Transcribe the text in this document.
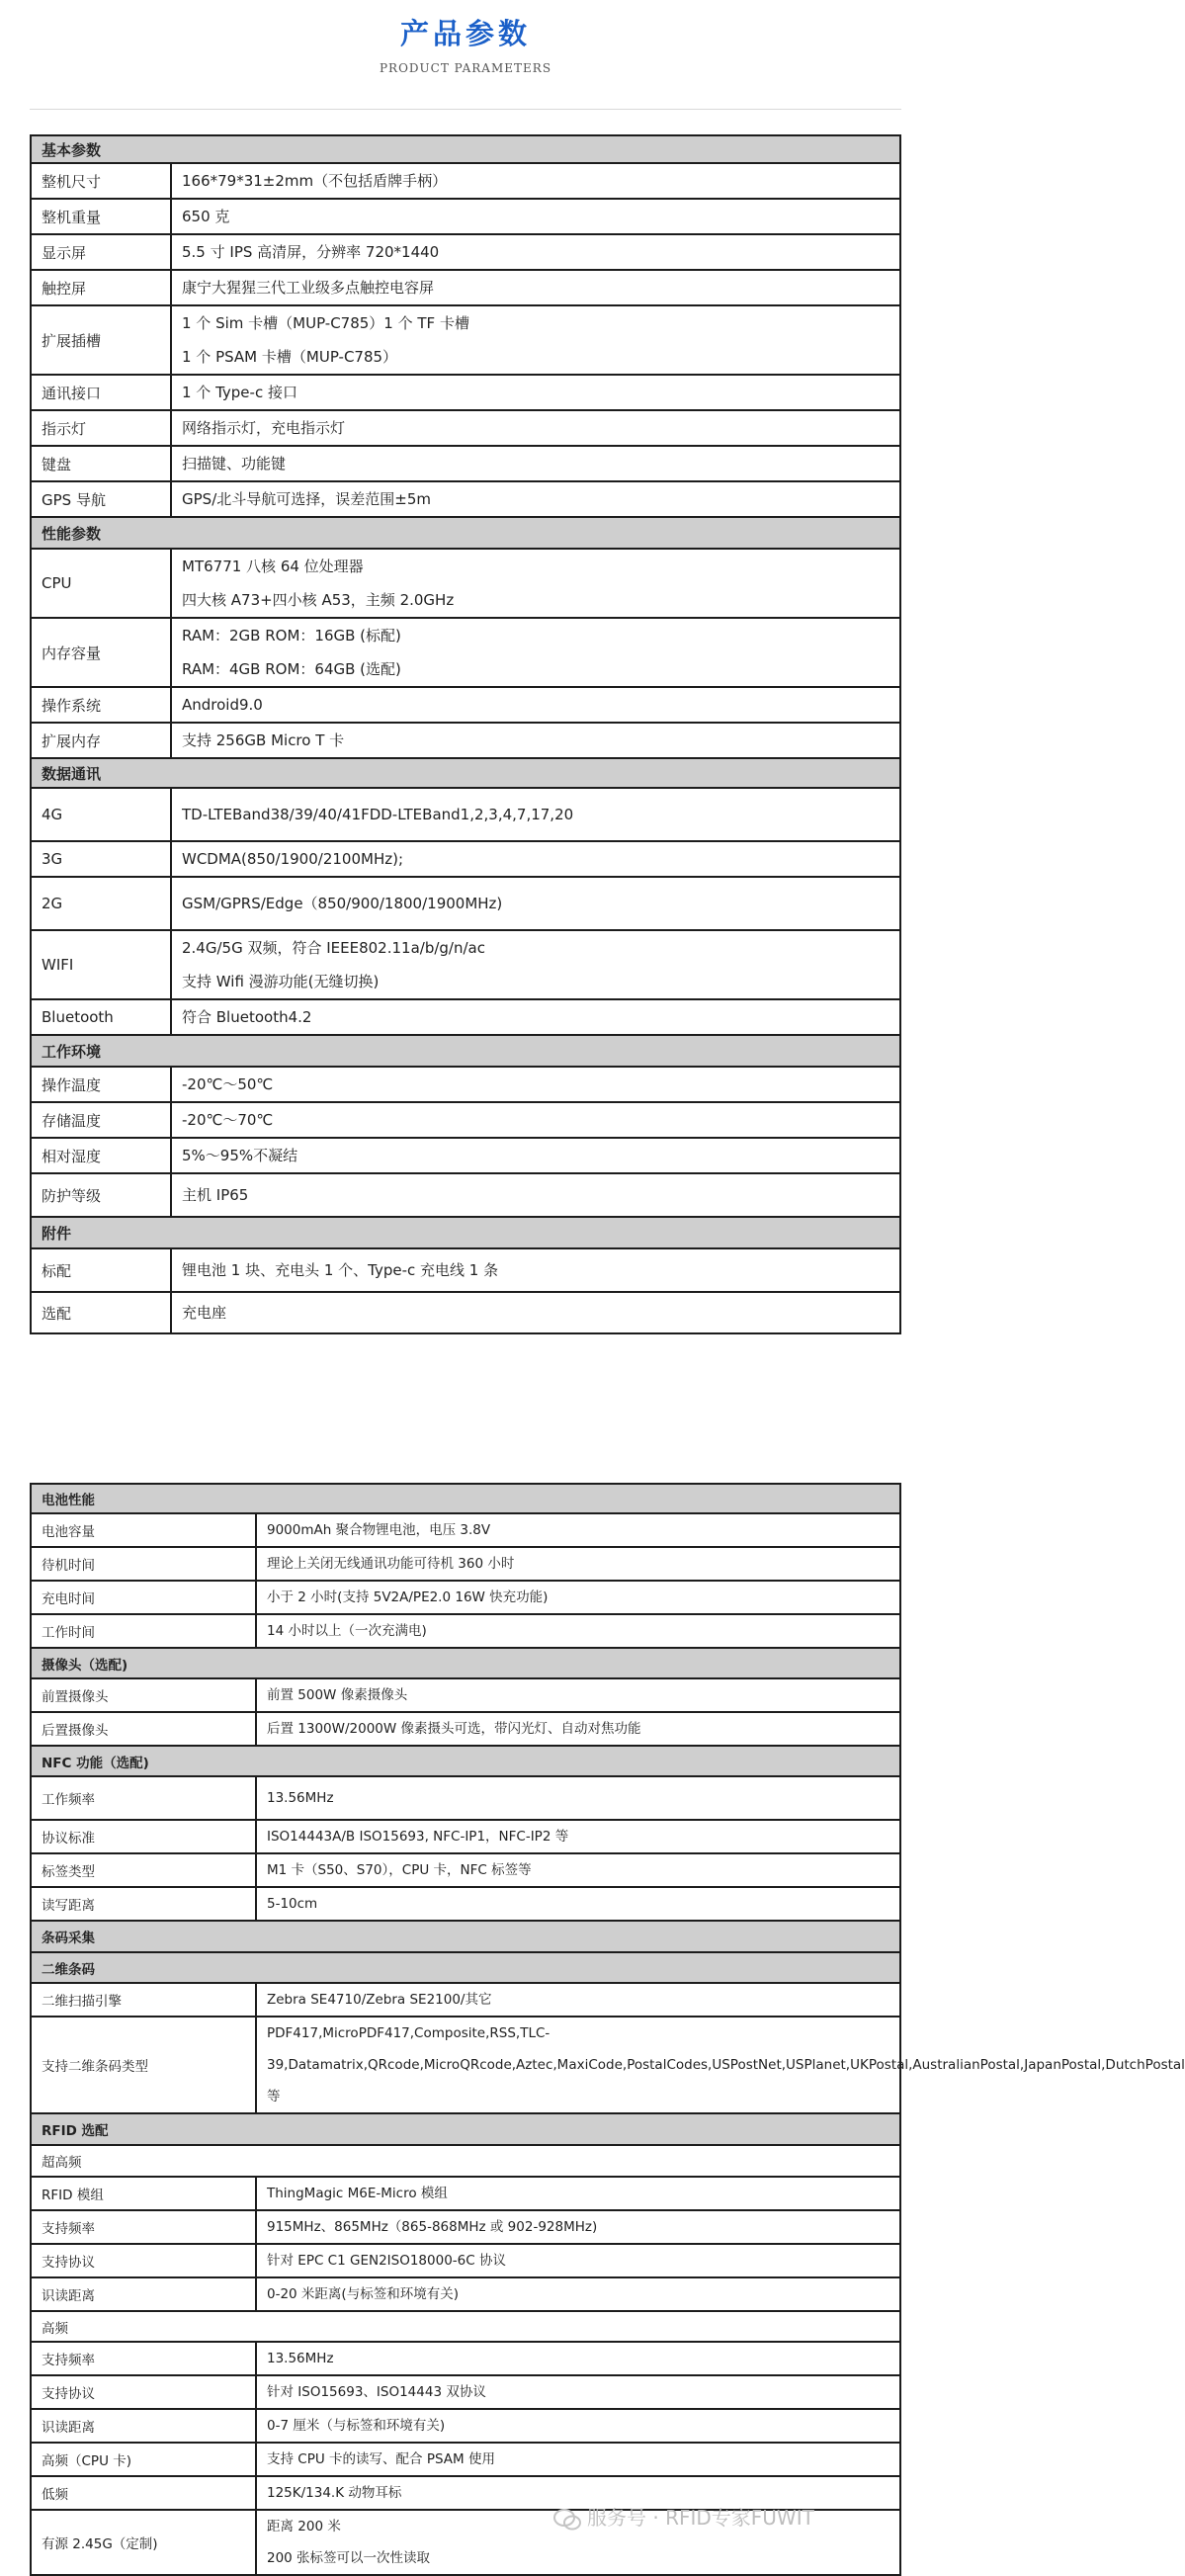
产品参数
PRODUCT PARAMETERS
基本参数	
整机尺寸	166*79*31±2mm（不包括盾牌手柄）

整机重量	650 克

显示屏	5.5 寸 IPS 高清屏，分辨率 720*1440

触控屏	康宁大猩猩三代工业级多点触控电容屏

扩展插槽	1 个 Sim 卡槽（MUP-C785）1 个 TF 卡槽
1 个 PSAM 卡槽（MUP-C785）

通讯接口	1 个 Type-c 接口

指示灯	网络指示灯，充电指示灯

键盘	扫描键、功能键

GPS 导航	GPS/北斗导航可选择，误差范围±5m

性能参数	
CPU	MT6771 八核 64 位处理器
四大核 A73+四小核 A53，主频 2.0GHz

内存容量	RAM：2GB ROM：16GB (标配)
RAM：4GB ROM：64GB (选配)

操作系统	Android9.0

扩展内存	支持 256GB Micro T 卡

数据通讯	
4G	TD-LTEBand38/39/40/41FDD-LTEBand1,2,3,4,7,17,20

3G	WCDMA(850/1900/2100MHz);

2G	GSM/GPRS/Edge（850/900/1800/1900MHz)

WIFI	2.4G/5G 双频，符合 IEEE802.11a/b/g/n/ac
支持 Wifi 漫游功能(无缝切换)

Bluetooth	符合 Bluetooth4.2

工作环境	
操作温度	-20℃～50℃

存储温度	-20℃～70℃

相对湿度	5%～95%不凝结

防护等级	主机 IP65

附件	
标配	锂电池 1 块、充电头 1 个、Type-c 充电线 1 条

选配	充电座
电池性能	
电池容量	9000mAh 聚合物锂电池，电压 3.8V

待机时间	理论上关闭无线通讯功能可待机 360 小时

充电时间	小于 2 小时(支持 5V2A/PE2.0 16W 快充功能)

工作时间	14 小时以上（一次充满电)

摄像头（选配)	
前置摄像头	前置 500W 像素摄像头

后置摄像头	后置 1300W/2000W 像素摄头可选，带闪光灯、自动对焦功能

NFC 功能（选配)	
工作频率	13.56MHz

协议标准	ISO14443A/B ISO15693, NFC-IP1，NFC-IP2 等

标签类型	M1 卡（S50、S70），CPU 卡，NFC 标签等

读写距离	5-10cm

条码采集	
二维条码	
二维扫描引擎	Zebra SE4710/Zebra SE2100/其它

支持二维条码类型	PDF417,MicroPDF417,Composite,RSS,TLC-39,Datamatrix,QRcode,MicroQRcode,Aztec,MaxiCode,PostalCodes,USPostNet,USPlanet,UKPostal,AustralianPostal,JapanPostal,DutchPostal 等

RFID 选配	
超高频	
RFID 模组	ThingMagic M6E-Micro 模组

支持频率	915MHz、865MHz（865-868MHz 或 902-928MHz)

支持协议	针对 EPC C1 GEN2ISO18000-6C 协议

识读距离	0-20 米距离(与标签和环境有关)

高频	
支持频率	13.56MHz

支持协议	针对 ISO15693、ISO14443 双协议

识读距离	0-7 厘米（与标签和环境有关)

高频（CPU 卡)	支持 CPU 卡的读写、配合 PSAM 使用

低频	125K/134.K 动物耳标

有源 2.45G（定制)	距离 200 米
200 张标签可以一次性读取
服务号 · RFID专家FUWIT
